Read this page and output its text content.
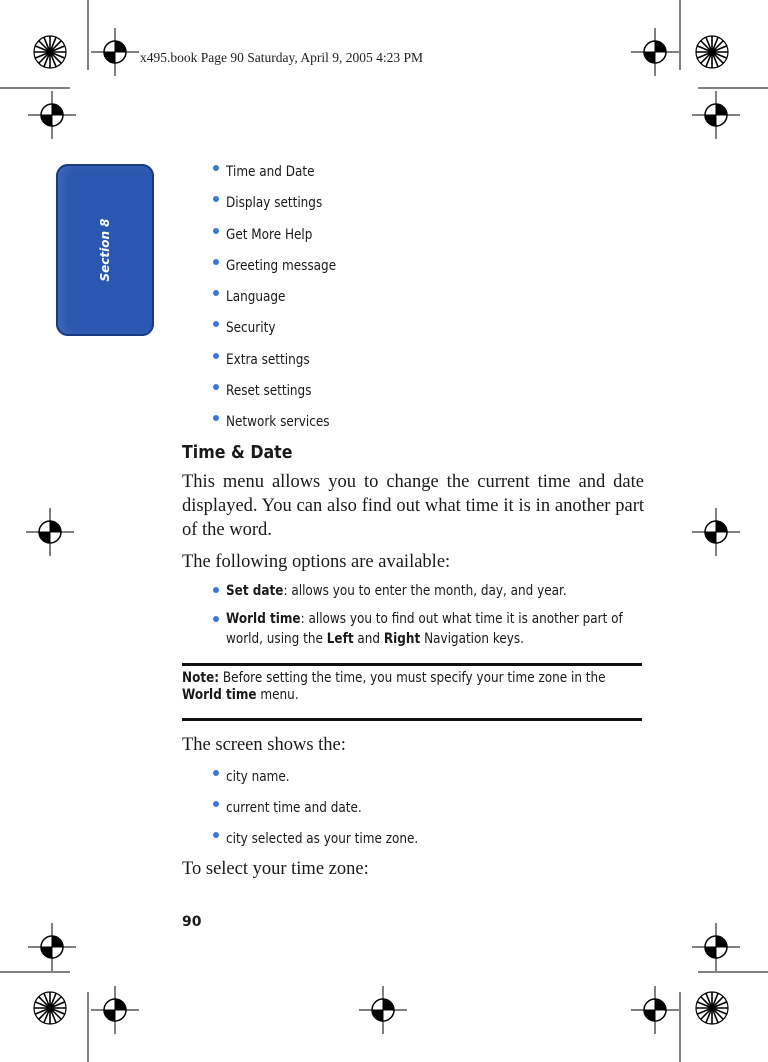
x495.book Page 90 Saturday, April 9, 2005 4:23 PM
Section 8
Time and Date
Display settings
Get More Help
Greeting message
Language
Security
Extra settings
Reset settings
Network services
Time & Date

This menu allows you to change the current time and date displayed. You can also find out what time it is in another part of the word.

The following options are available:

Set date: allows you to enter the month, day, and year.
World time: allows you to find out what time it is another part of world, using the Left and Right Navigation keys.
Note: Before setting the time, you must specify your time zone in the World time menu.

The screen shows the:

city name.
current time and date.
city selected as your time zone.

To select your time zone:

90
